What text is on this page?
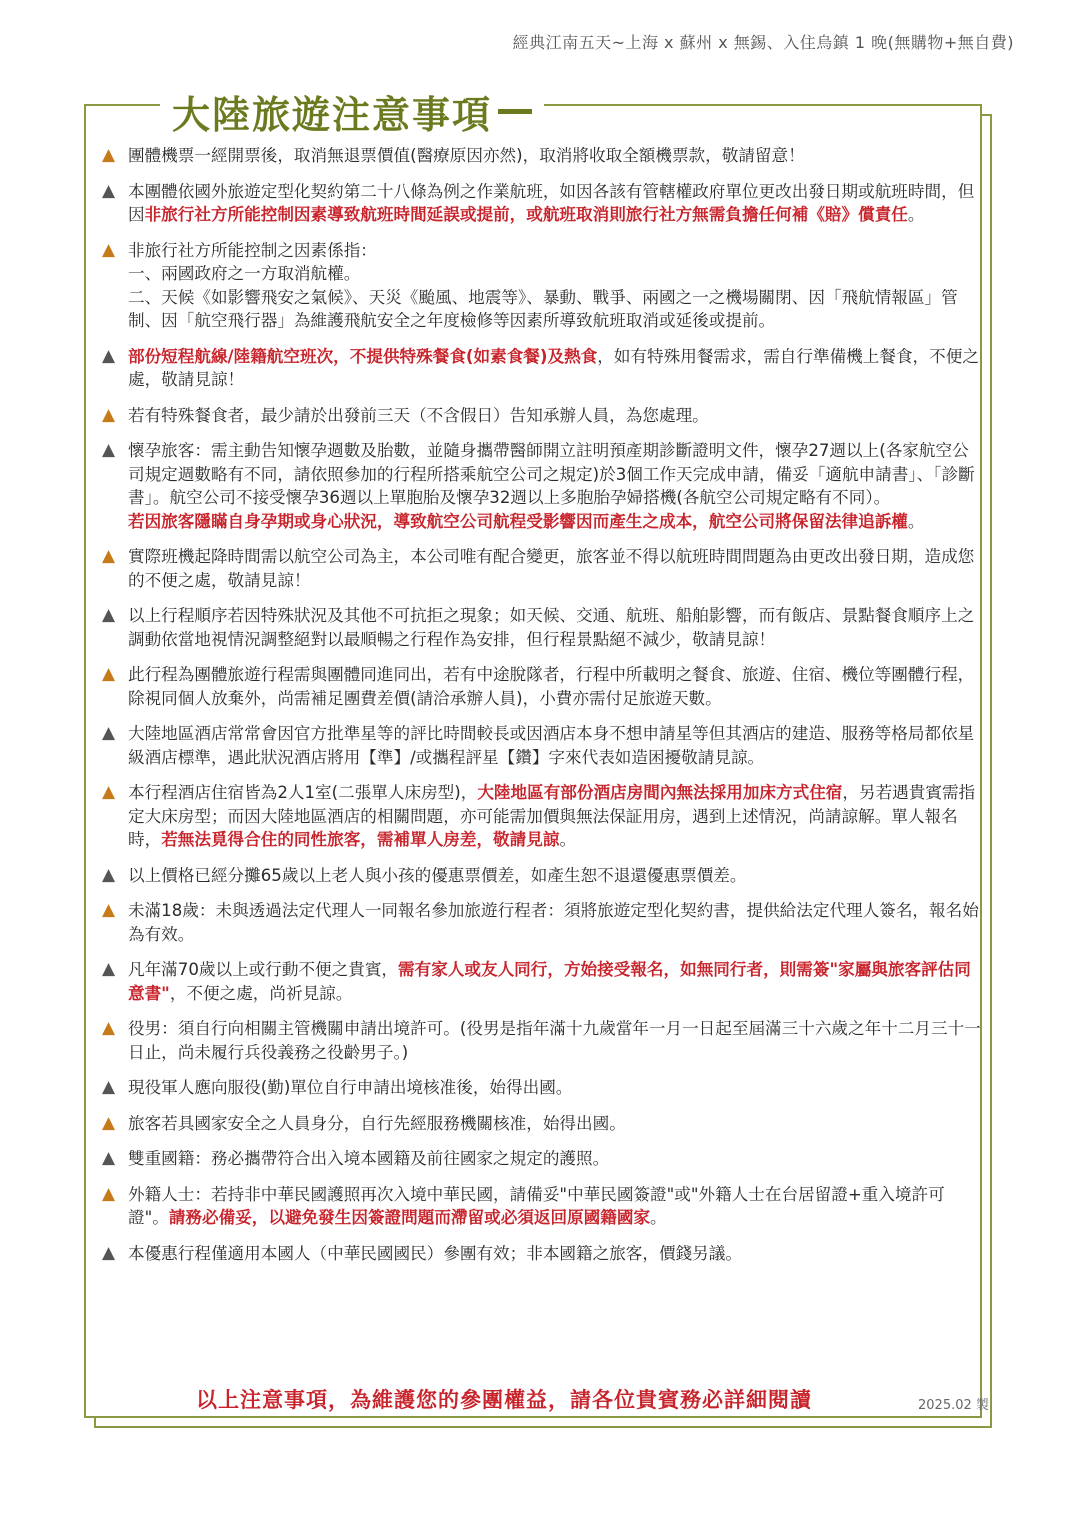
經典江南五天~上海 x 蘇州 x 無錫、入住烏鎮 1 晚(無購物+無自費)
大陸旅遊注意事項
▲ 團體機票一經開票後，取消無退票價值(醫療原因亦然)，取消將收取全額機票款，敬請留意！
▲ 本團體依國外旅遊定型化契約第二十八條為例之作業航班，如因各該有管轄權政府單位更改出發日期或航班時間，但因非旅行社方所能控制因素導致航班時間延誤或提前，或航班取消則旅行社方無需負擔任何補《賠》償責任。
▲ 非旅行社方所能控制之因素係指：
一、兩國政府之一方取消航權。
二、天候《如影響飛安之氣候》、天災《颱風、地震等》、暴動、戰爭、兩國之一之機場關閉、因「飛航情報區」管制、因「航空飛行器」為維護飛航安全之年度檢修等因素所導致航班取消或延後或提前。
▲ 部份短程航線/陸籍航空班次，不提供特殊餐食(如素食餐)及熱食，如有特殊用餐需求，需自行準備機上餐食，不便之處，敬請見諒！
▲ 若有特殊餐食者，最少請於出發前三天（不含假日）告知承辦人員，為您處理。
▲ 懷孕旅客：需主動告知懷孕週數及胎數，並隨身攜帶醫師開立註明預產期診斷證明文件，懷孕27週以上(各家航空公司規定週數略有不同，請依照參加的行程所搭乘航空公司之規定)於3個工作天完成申請，備妥「適航申請書」、「診斷書」。航空公司不接受懷孕36週以上單胞胎及懷孕32週以上多胞胎孕婦搭機(各航空公司規定略有不同）。
若因旅客隱瞞自身孕期或身心狀況，導致航空公司航程受影響因而產生之成本，航空公司將保留法律追訴權。
▲ 實際班機起降時間需以航空公司為主，本公司唯有配合變更，旅客並不得以航班時間問題為由更改出發日期，造成您的不便之處，敬請見諒！
▲ 以上行程順序若因特殊狀況及其他不可抗拒之現象；如天候、交通、航班、船舶影響，而有飯店、景點餐食順序上之調動依當地視情況調整絕對以最順暢之行程作為安排，但行程景點絕不減少，敬請見諒！
▲ 此行程為團體旅遊行程需與團體同進同出，若有中途脫隊者，行程中所載明之餐食、旅遊、住宿、機位等團體行程，除視同個人放棄外，尚需補足團費差價(請洽承辦人員)，小費亦需付足旅遊天數。
▲ 大陸地區酒店常常會因官方批準星等的評比時間較長或因酒店本身不想申請星等但其酒店的建造、服務等格局都依星級酒店標準，遇此狀況酒店將用【準】/或攜程評星【鑽】字來代表如造困擾敬請見諒。
▲ 本行程酒店住宿皆為2人1室(二張單人床房型)，大陸地區有部份酒店房間內無法採用加床方式住宿，另若遇貴賓需指定大床房型；而因大陸地區酒店的相關問題，亦可能需加價與無法保証用房，遇到上述情況，尚請諒解。單人報名時，若無法覓得合住的同性旅客，需補單人房差，敬請見諒。
▲ 以上價格已經分攤65歲以上老人與小孩的優惠票價差，如產生恕不退還優惠票價差。
▲ 未滿18歲：未與透過法定代理人一同報名參加旅遊行程者：須將旅遊定型化契約書，提供給法定代理人簽名，報名始為有效。
▲ 凡年滿70歲以上或行動不便之貴賓，需有家人或友人同行，方始接受報名，如無同行者，則需簽"家屬與旅客評估同意書"，不便之處，尚祈見諒。
▲ 役男：須自行向相關主管機關申請出境許可。(役男是指年滿十九歲當年一月一日起至屆滿三十六歲之年十二月三十一日止，尚未履行兵役義務之役齡男子。)
▲ 現役軍人應向服役(勤)單位自行申請出境核准後，始得出國。
▲ 旅客若具國家安全之人員身分，自行先經服務機關核准，始得出國。
▲ 雙重國籍：務必攜帶符合出入境本國籍及前往國家之規定的護照。
▲ 外籍人士：若持非中華民國護照再次入境中華民國，請備妥"中華民國簽證"或"外籍人士在台居留證+重入境許可證"。請務必備妥，以避免發生因簽證問題而滯留或必須返回原國籍國家。
▲ 本優惠行程僅適用本國人（中華民國國民）參團有效；非本國籍之旅客，價錢另議。
以上注意事項，為維護您的參團權益，請各位貴賓務必詳細閱讀	2025.02 製
